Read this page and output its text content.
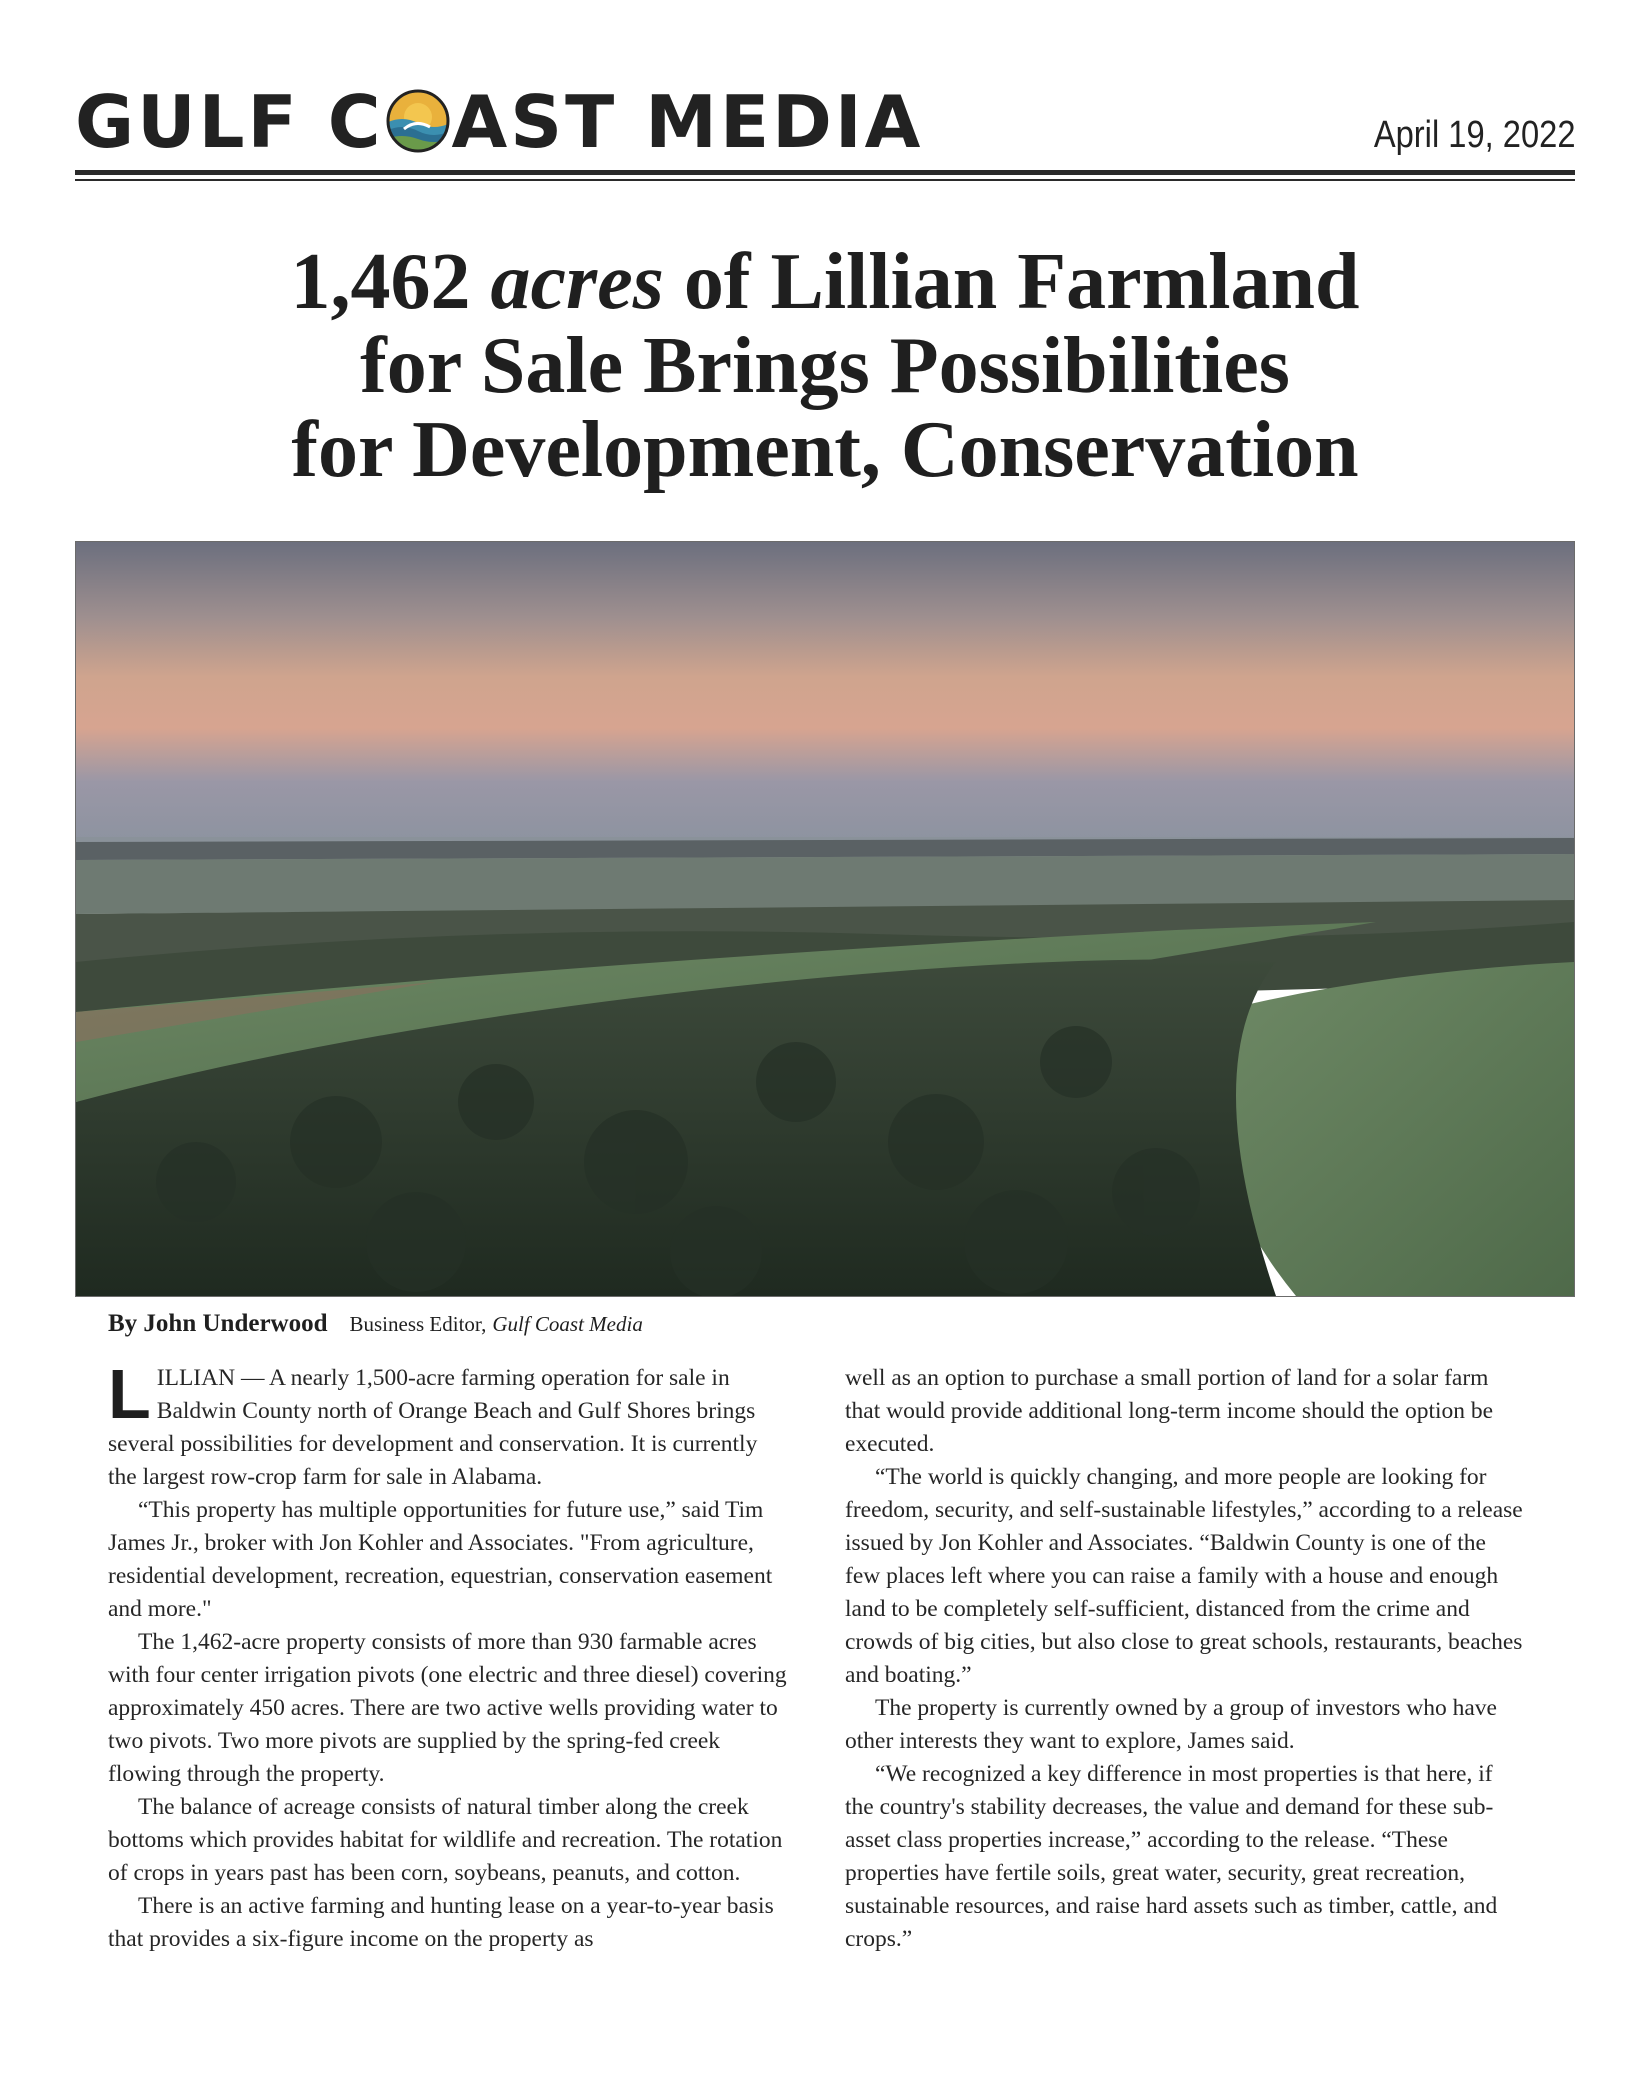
GULF C AST MEDIA	April 19, 2022
1,462 acres of Lillian Farmland
for Sale Brings Possibilities
for Development, Conservation
By John Underwood Business Editor, Gulf Coast Media

LILLIAN — A nearly 1,500-acre farming operation for sale in Baldwin County north of Orange Beach and Gulf Shores brings several possibilities for development and conservation. It is currently the largest row-crop farm for sale in Alabama.

“This property has multiple opportunities for future use,” said Tim James Jr., broker with Jon Kohler and Associates. "From agriculture, residential development, recreation, equestrian, conservation easement and more."

The 1,462-acre property consists of more than 930 farmable acres with four center irrigation pivots (one electric and three diesel) covering approximately 450 acres. There are two active wells providing water to two pivots. Two more pivots are supplied by the spring-fed creek flowing through the property.

The balance of acreage consists of natural timber along the creek bottoms which provides habitat for wildlife and recreation. The rotation of crops in years past has been corn, soybeans, peanuts, and cotton.

There is an active farming and hunting lease on a year-to-year basis that provides a six-figure income on the property as

well as an option to purchase a small portion of land for a solar farm that would provide additional long-term income should the option be executed.

“The world is quickly changing, and more people are looking for freedom, security, and self-sustainable lifestyles,” according to a release issued by Jon Kohler and Associates. “Baldwin County is one of the few places left where you can raise a family with a house and enough land to be completely self-sufficient, distanced from the crime and crowds of big cities, but also close to great schools, restaurants, beaches and boating.”

The property is currently owned by a group of investors who have other interests they want to explore, James said.

“We recognized a key difference in most properties is that here, if the country's stability decreases, the value and demand for these sub-asset class properties increase,” according to the release. “These properties have fertile soils, great water, security, great recreation, sustainable resources, and raise hard assets such as timber, cattle, and crops.”
